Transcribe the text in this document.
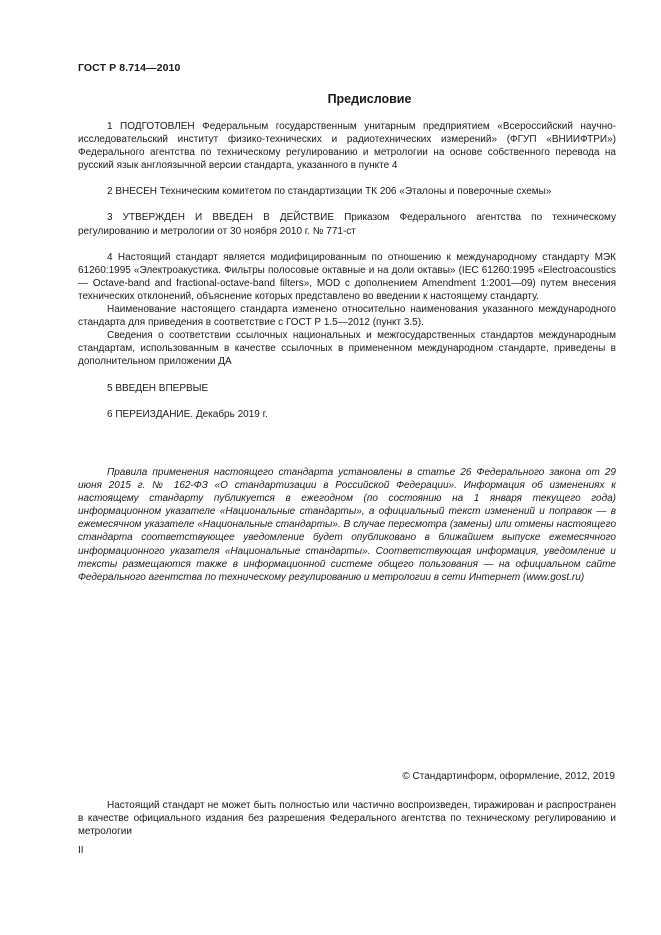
ГОСТ Р 8.714—2010
Предисловие

1 ПОДГОТОВЛЕН Федеральным государственным унитарным предприятием «Всероссийский научно-исследовательский институт физико-технических и радиотехнических измерений» (ФГУП «ВНИИФТРИ») Федерального агентства по техническому регулированию и метрологии на основе собственного перевода на русский язык англоязычной версии стандарта, указанного в пункте 4

2 ВНЕСЕН Техническим комитетом по стандартизации ТК 206 «Эталоны и поверочные схемы»

3 УТВЕРЖДЕН И ВВЕДЕН В ДЕЙСТВИЕ Приказом Федерального агентства по техническому регулированию и метрологии от 30 ноября 2010 г. № 771-ст

4 Настоящий стандарт является модифицированным по отношению к международному стандарту МЭК 61260:1995 «Электроакустика. Фильтры полосовые октавные и на доли октавы» (IEC 61260:1995 «Electroacoustics — Octave-band and fractional-octave-band filters», MOD с дополнением Amendment 1:2001—09) путем внесения технических отклонений, объяснение которых представлено во введении к настоящему стандарту.

Наименование настоящего стандарта изменено относительно наименования указанного международного стандарта для приведения в соответствие с ГОСТ Р 1.5—2012 (пункт 3.5).

Сведения о соответствии ссылочных национальных и межгосударственных стандартов международным стандартам, использованным в качестве ссылочных в примененном международном стандарте, приведены в дополнительном приложении ДА

5 ВВЕДЕН ВПЕРВЫЕ

6 ПЕРЕИЗДАНИЕ. Декабрь 2019 г.

Правила применения настоящего стандарта установлены в статье 26 Федерального закона от 29 июня 2015 г. № 162-ФЗ «О стандартизации в Российской Федерации». Информация об изменениях к настоящему стандарту публикуется в ежегодном (по состоянию на 1 января текущего года) информационном указателе «Национальные стандарты», а официальный текст изменений и поправок — в ежемесячном указателе «Национальные стандарты». В случае пересмотра (замены) или отмены настоящего стандарта соответствующее уведомление будет опубликовано в ближайшем выпуске ежемесячного информационного указателя «Национальные стандарты». Соответствующая информация, уведомление и тексты размещаются также в информационной системе общего пользования — на официальном сайте Федерального агентства по техническому регулированию и метрологии в сети Интернет (www.gost.ru)

© Стандартинформ, оформление, 2012, 2019

Настоящий стандарт не может быть полностью или частично воспроизведен, тиражирован и распространен в качестве официального издания без разрешения Федерального агентства по техническому регулированию и метрологии

II
